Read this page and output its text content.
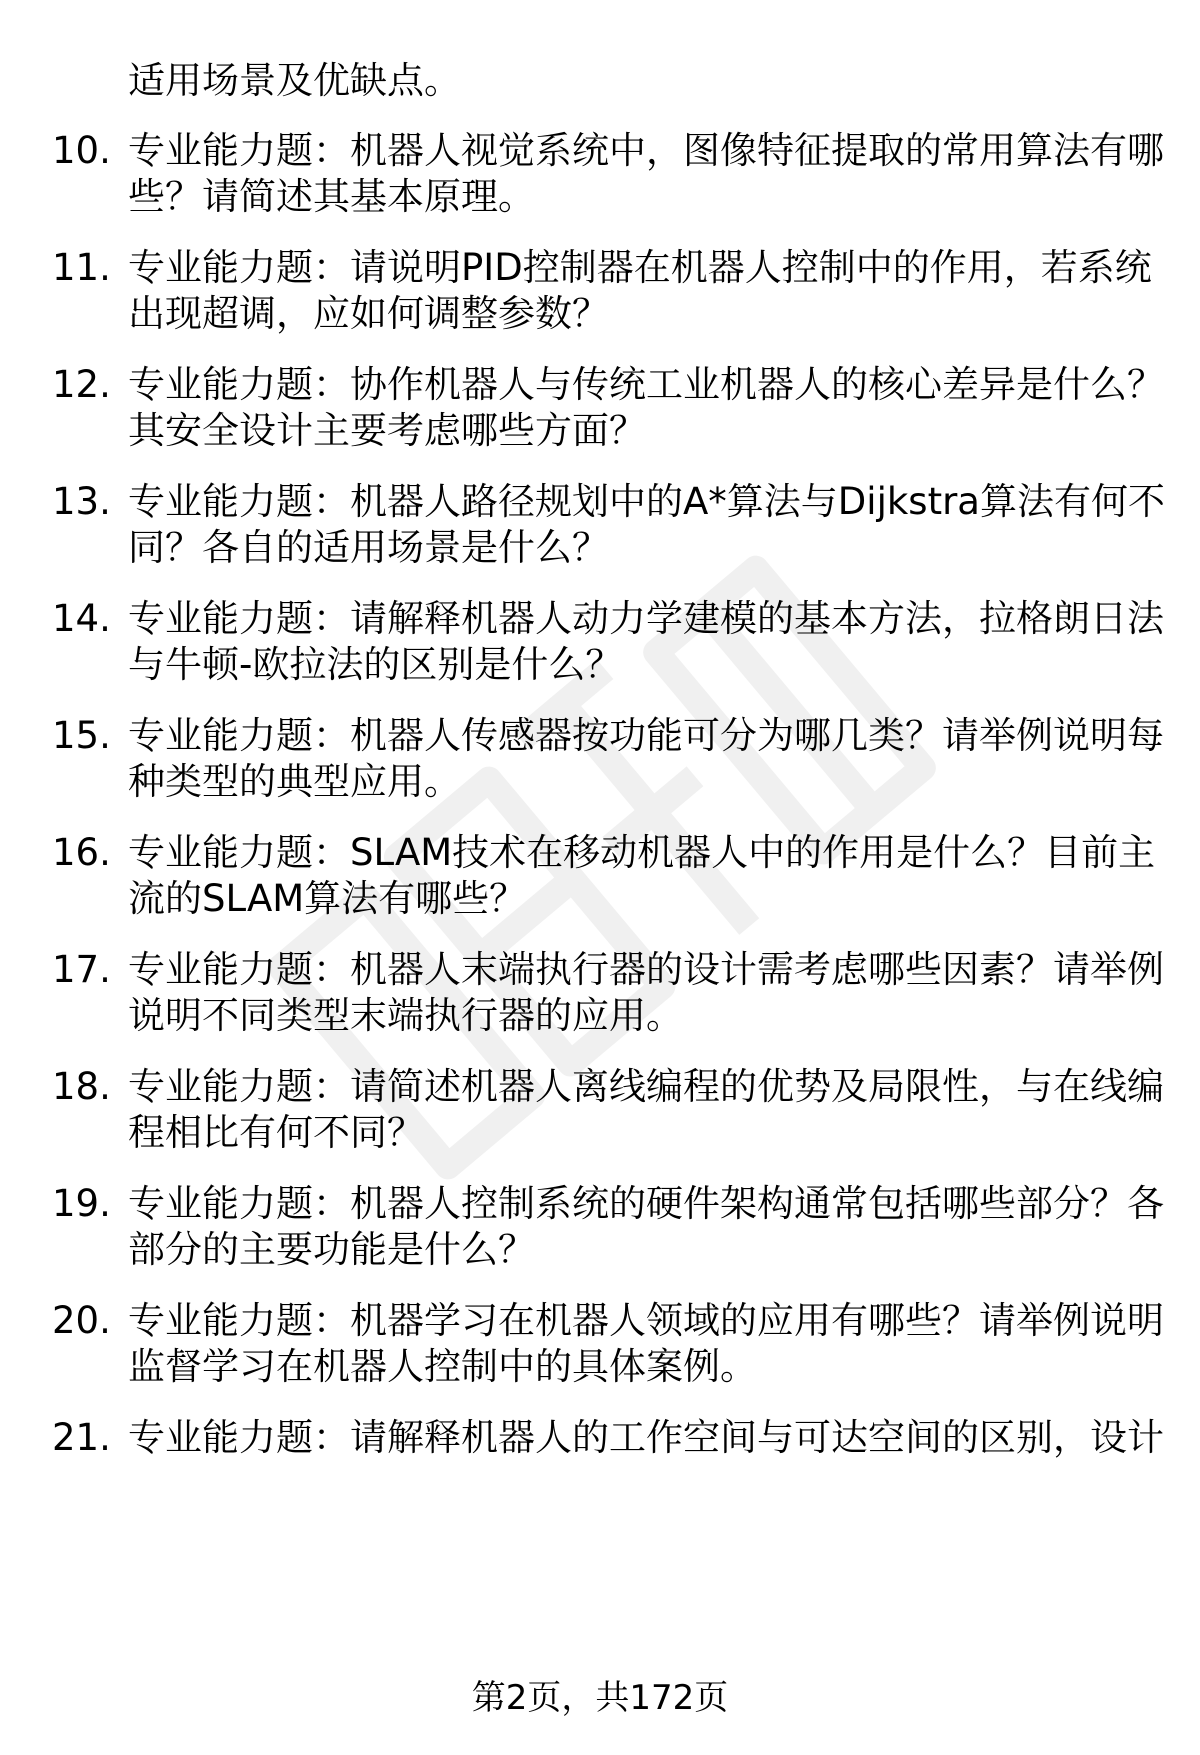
适用场景及优缺点。
10. 专业能力题：机器人视觉系统中，图像特征提取的常用算法有哪
些？请简述其基本原理。
11. 专业能力题：请说明PID控制器在机器人控制中的作用，若系统
出现超调，应如何调整参数？
12. 专业能力题：协作机器人与传统工业机器人的核心差异是什么？
其安全设计主要考虑哪些方面？
13. 专业能力题：机器人路径规划中的A*算法与Dijkstra算法有何不
同？各自的适用场景是什么？
14. 专业能力题：请解释机器人动力学建模的基本方法，拉格朗日法
与牛顿-欧拉法的区别是什么？
15. 专业能力题：机器人传感器按功能可分为哪几类？请举例说明每
种类型的典型应用。
16. 专业能力题：SLAM技术在移动机器人中的作用是什么？目前主
流的SLAM算法有哪些？
17. 专业能力题：机器人末端执行器的设计需考虑哪些因素？请举例
说明不同类型末端执行器的应用。
18. 专业能力题：请简述机器人离线编程的优势及局限性，与在线编
程相比有何不同？
19. 专业能力题：机器人控制系统的硬件架构通常包括哪些部分？各
部分的主要功能是什么？
20. 专业能力题：机器学习在机器人领域的应用有哪些？请举例说明
监督学习在机器人控制中的具体案例。
21. 专业能力题：请解释机器人的工作空间与可达空间的区别，设计
第2页，共172页
